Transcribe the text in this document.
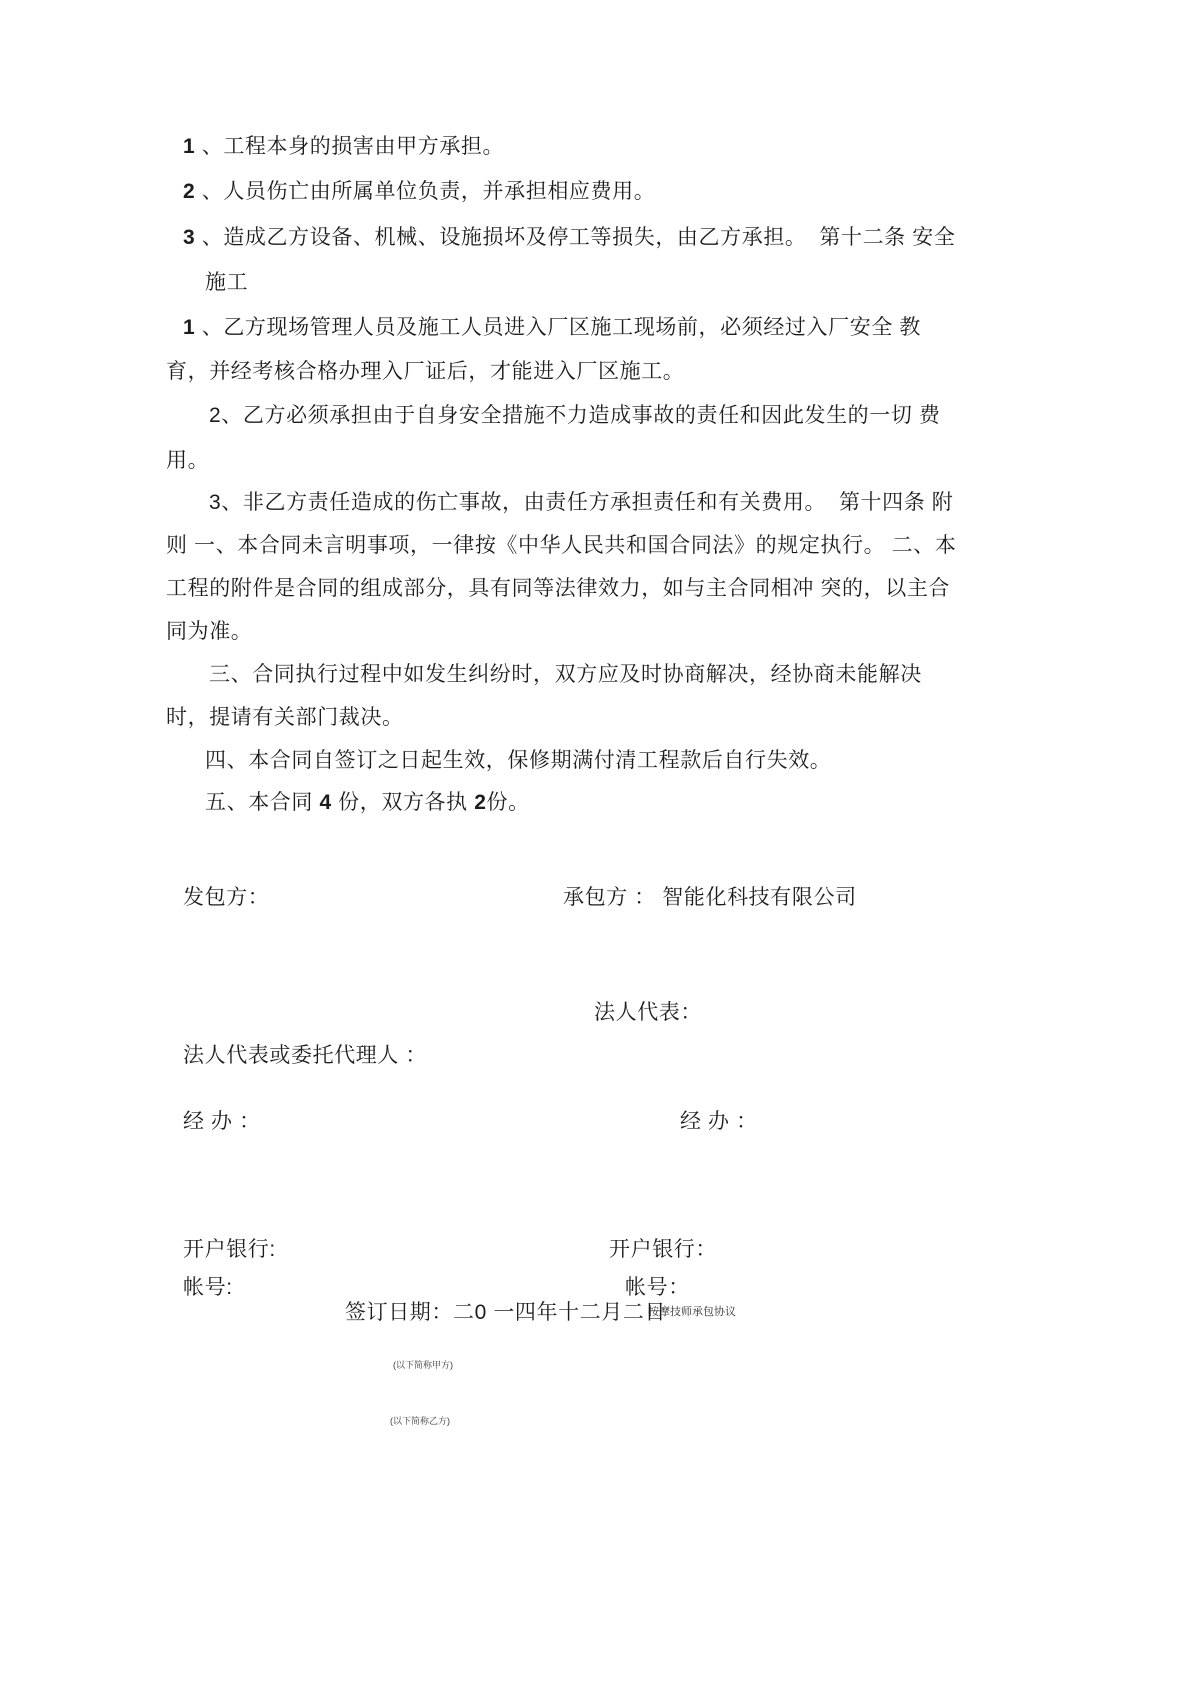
1 、工程本身的损害由甲方承担。
2 、人员伤亡由所属单位负责，并承担相应费用。
3 、造成乙方设备、机械、设施损坏及停工等损失，由乙方承担。  第十二条 安全
施工
1 、乙方现场管理人员及施工人员进入厂区施工现场前，必须经过入厂安全 教
育，并经考核合格办理入厂证后，才能进入厂区施工。
2、乙方必须承担由于自身安全措施不力造成事故的责任和因此发生的一切 费
用。
3、非乙方责任造成的伤亡事故，由责任方承担责任和有关费用。  第十四条 附
则 一、本合同未言明事项，一律按《中华人民共和国合同法》的规定执行。 二、本
工程的附件是合同的组成部分，具有同等法律效力，如与主合同相冲 突的，以主合
同为准。
三、合同执行过程中如发生纠纷时，双方应及时协商解决，经协商未能解决
时，提请有关部门裁决。
四、本合同自签订之日起生效，保修期满付清工程款后自行失效。
五、本合同 4 份，双方各执 2份。
发包方：	承包方 ： 智能化科技有限公司
法人代表：
法人代表或委托代理人 ：
经 办 ：	经 办 ：
开户银行:	开户银行：
帐号:	帐号：
签订日期：二0 一四年十二月二日
按摩技师承包协议
(以下简称甲方)
(以下简称乙方)
